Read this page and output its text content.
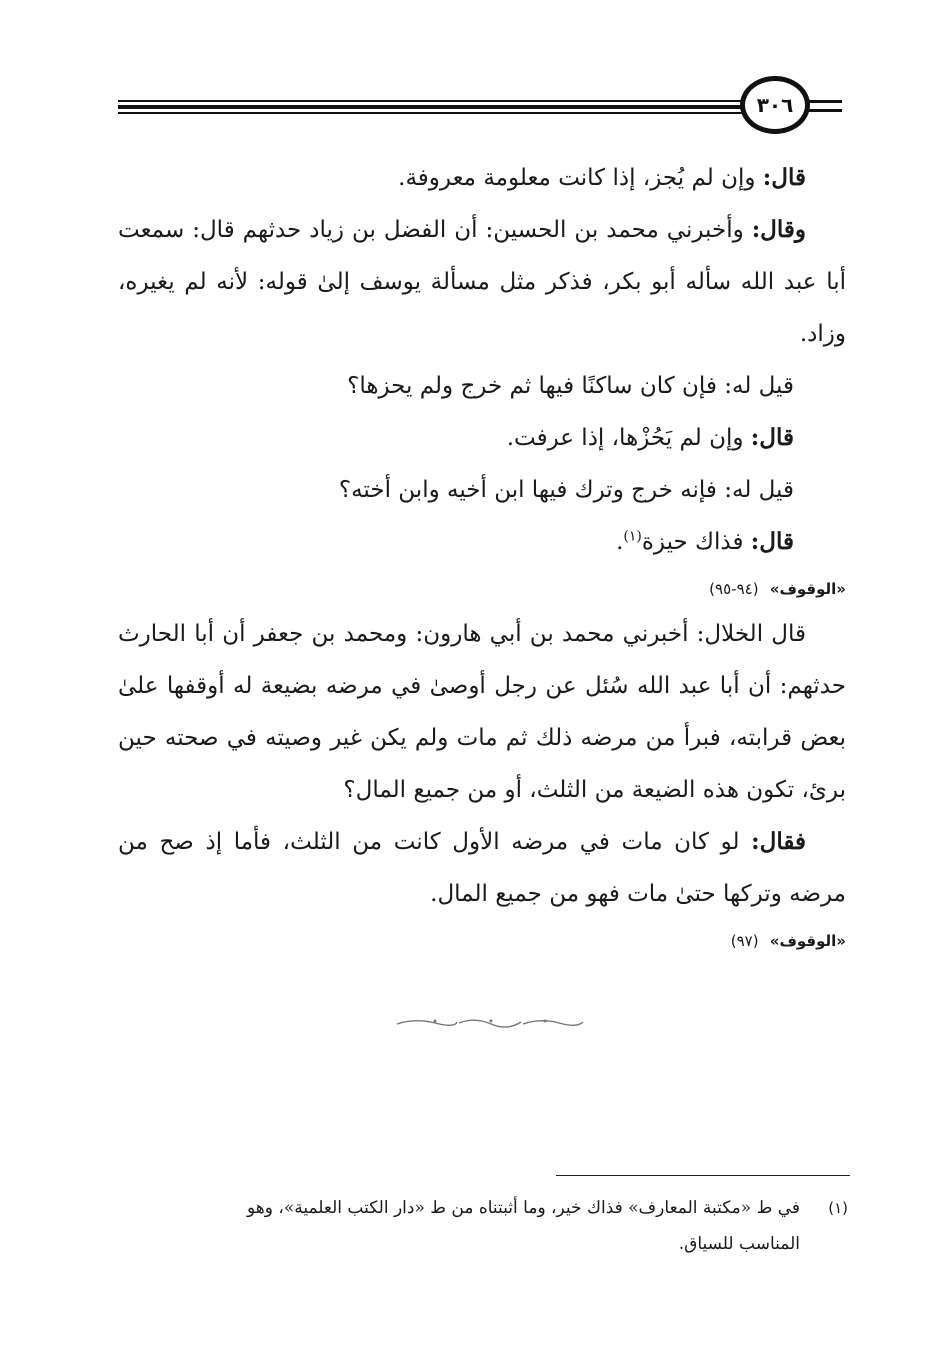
٣٠٦

قال: وإن لم يُجز، إذا كانت معلومة معروفة.

وقال: وأخبرني محمد بن الحسين: أن الفضل بن زياد حدثهم قال: سمعت أبا عبد الله سأله أبو بكر، فذكر مثل مسألة يوسف إلىٰ قوله: لأنه لم يغيره، وزاد.

قيل له: فإن كان ساكنًا فيها ثم خرج ولم يحزها؟

قال: وإن لم يَحُزْها، إذا عرفت.

قيل له: فإنه خرج وترك فيها ابن أخيه وابن أخته؟

قال: فذاك حيزة$^{(١)}$.

«الوقوف» (٩٤-٩٥)

قال الخلال: أخبرني محمد بن أبي هارون: ومحمد بن جعفر أن أبا الحارث حدثهم: أن أبا عبد الله سُئل عن رجل أوصىٰ في مرضه بضيعة له أوقفها علىٰ بعض قرابته، فبرأ من مرضه ذلك ثم مات ولم يكن غير وصيته في صحته حين برئ، تكون هذه الضيعة من الثلث، أو من جميع المال؟

فقال: لو كان مات في مرضه الأول كانت من الثلث، فأما إذ صح من مرضه وتركها حتىٰ مات فهو من جميع المال.

«الوقوف» (٩٧)

(١)في ط «مكتبة المعارف» فذاك خير، وما أثبتناه من ط «دار الكتب العلمية»، وهو
المناسب للسياق.
